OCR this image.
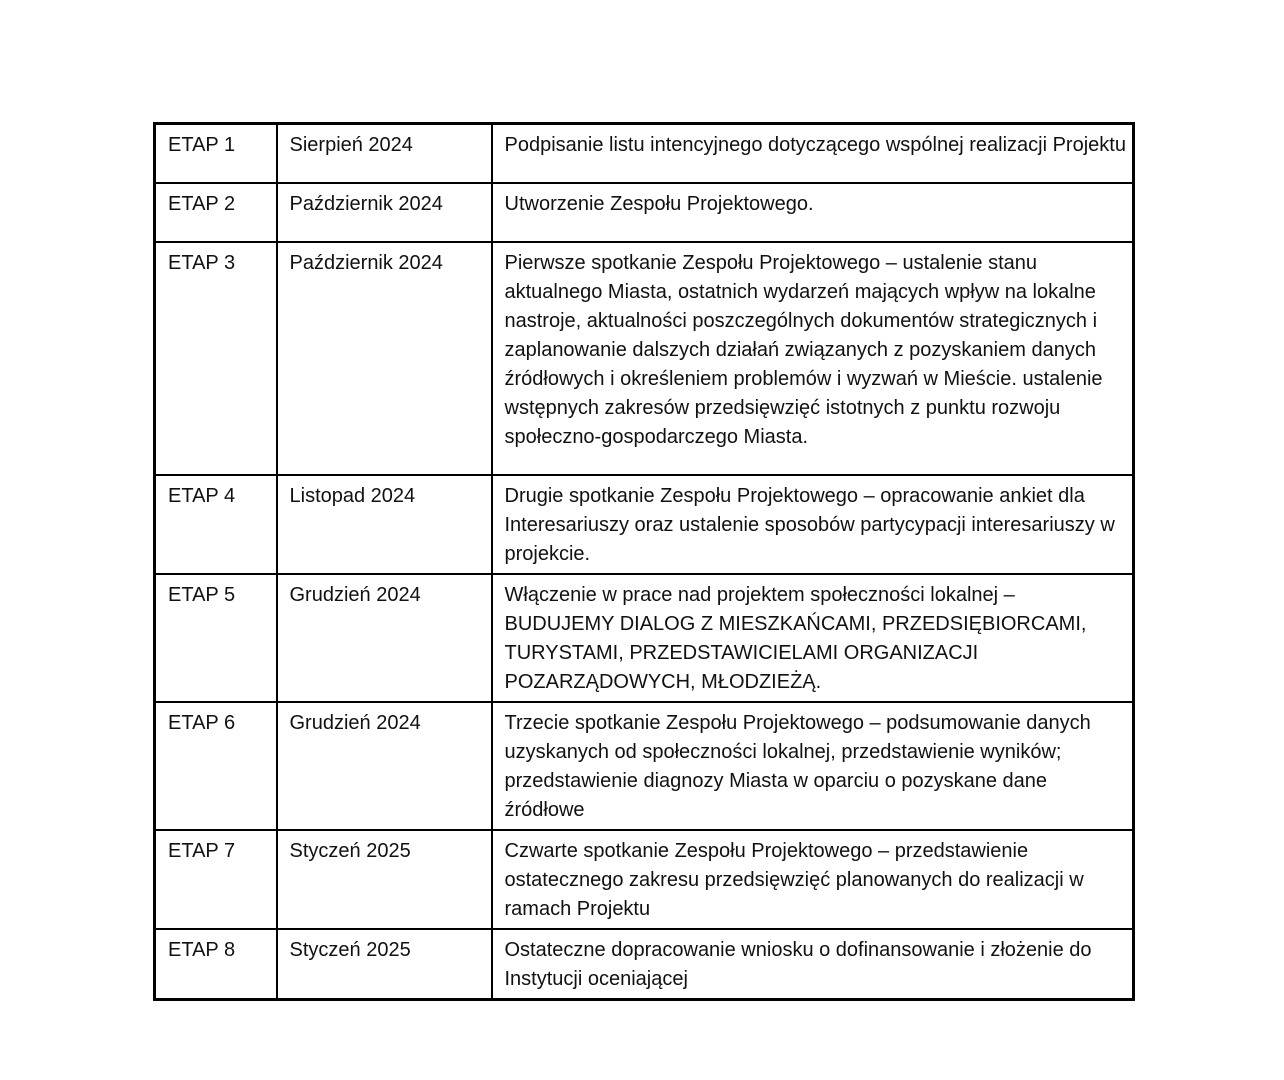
ETAP 1	Sierpień 2024	Podpisanie listu intencyjnego dotyczącego wspólnej realizacji Projektu
ETAP 2	Październik 2024	Utworzenie Zespołu Projektowego.
ETAP 3	Październik 2024	Pierwsze spotkanie Zespołu Projektowego – ustalenie stanu aktualnego Miasta, ostatnich wydarzeń mających wpływ na lokalne nastroje, aktualności poszczególnych dokumentów strategicznych i zaplanowanie dalszych działań związanych z pozyskaniem danych źródłowych i określeniem problemów i wyzwań w Mieście. ustalenie wstępnych zakresów przedsięwzięć istotnych z punktu rozwoju społeczno-gospodarczego Miasta.
ETAP 4	Listopad 2024	Drugie spotkanie Zespołu Projektowego – opracowanie ankiet dla Interesariuszy oraz ustalenie sposobów partycypacji interesariuszy w projekcie.
ETAP 5	Grudzień 2024	Włączenie w prace nad projektem społeczności lokalnej – BUDUJEMY DIALOG Z MIESZKAŃCAMI, PRZEDSIĘBIORCAMI, TURYSTAMI, PRZEDSTAWICIELAMI ORGANIZACJI POZARZĄDOWYCH, MŁODZIEŻĄ.
ETAP 6	Grudzień 2024	Trzecie spotkanie Zespołu Projektowego – podsumowanie danych uzyskanych od społeczności lokalnej, przedstawienie wyników; przedstawienie diagnozy Miasta w oparciu o pozyskane dane źródłowe
ETAP 7	Styczeń 2025	Czwarte spotkanie Zespołu Projektowego – przedstawienie ostatecznego zakresu przedsięwzięć planowanych do realizacji w ramach Projektu
ETAP 8	Styczeń 2025	Ostateczne dopracowanie wniosku o dofinansowanie i złożenie do Instytucji oceniającej
